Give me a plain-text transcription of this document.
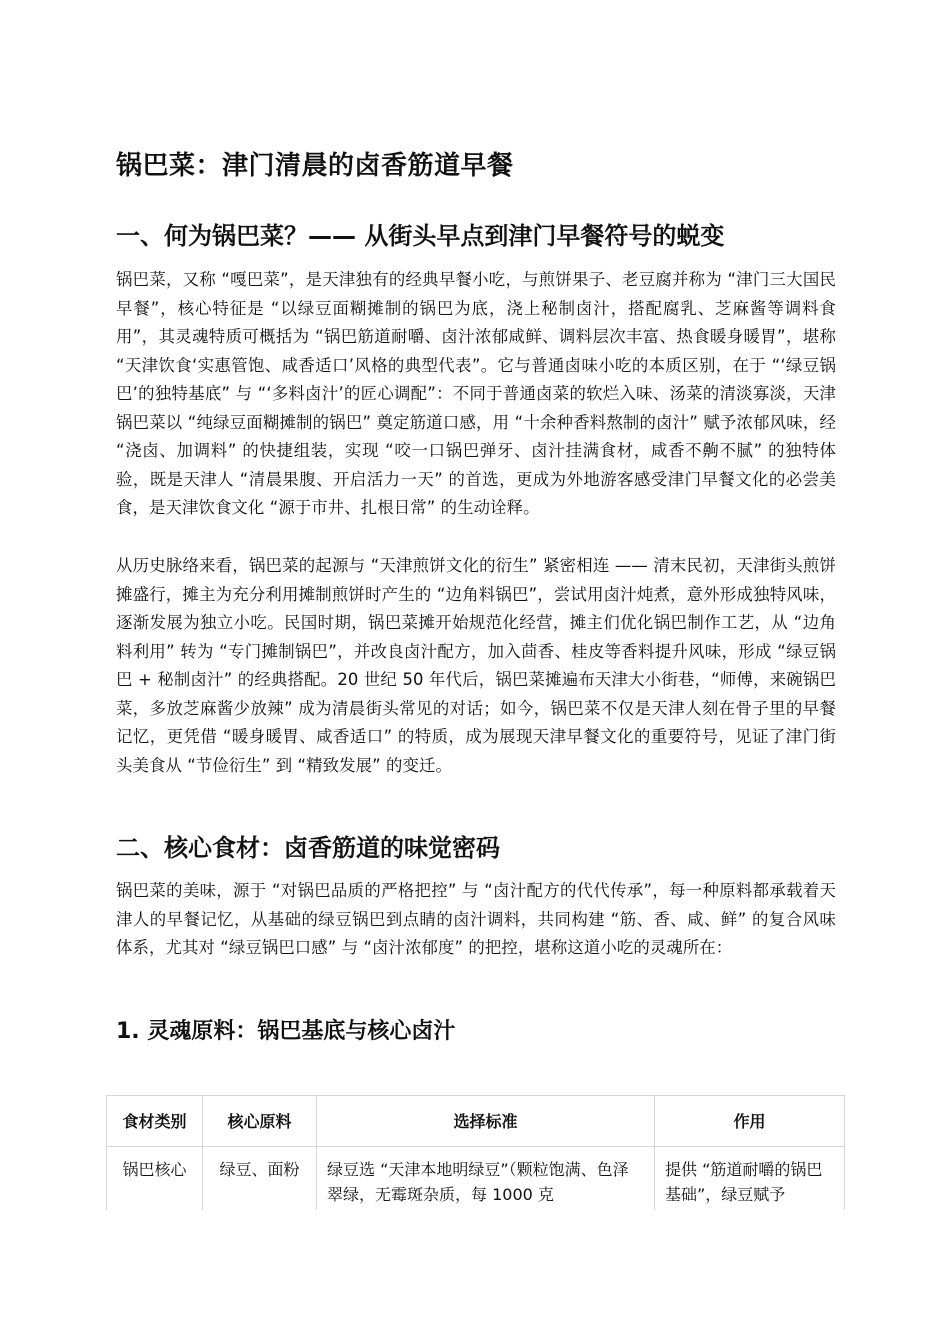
锅巴菜：津门清晨的卤香筋道早餐
一、何为锅巴菜？—— 从街头早点到津门早餐符号的蜕变

锅巴菜，又称 “嘎巴菜”，是天津独有的经典早餐小吃，与煎饼果子、老豆腐并称为 “津门三大国民早餐”，核心特征是 “以绿豆面糊摊制的锅巴为底，浇上秘制卤汁，搭配腐乳、芝麻酱等调料食用”，其灵魂特质可概括为 “锅巴筋道耐嚼、卤汁浓郁咸鲜、调料层次丰富、热食暖身暖胃”，堪称 “天津饮食‘实惠管饱、咸香适口’风格的典型代表”。它与普通卤味小吃的本质区别，在于 “‘绿豆锅巴’的独特基底” 与 “‘多料卤汁’的匠心调配”：不同于普通卤菜的软烂入味、汤菜的清淡寡淡，天津锅巴菜以 “纯绿豆面糊摊制的锅巴” 奠定筋道口感，用 “十余种香料熬制的卤汁” 赋予浓郁风味，经 “浇卤、加调料” 的快捷组装，实现 “咬一口锅巴弹牙、卤汁挂满食材，咸香不齁不腻” 的独特体验，既是天津人 “清晨果腹、开启活力一天” 的首选，更成为外地游客感受津门早餐文化的必尝美食，是天津饮食文化 “源于市井、扎根日常” 的生动诠释。

从历史脉络来看，锅巴菜的起源与 “天津煎饼文化的衍生” 紧密相连 —— 清末民初，天津街头煎饼摊盛行，摊主为充分利用摊制煎饼时产生的 “边角料锅巴”，尝试用卤汁炖煮，意外形成独特风味，逐渐发展为独立小吃。民国时期，锅巴菜摊开始规范化经营，摊主们优化锅巴制作工艺，从 “边角料利用” 转为 “专门摊制锅巴”，并改良卤汁配方，加入茴香、桂皮等香料提升风味，形成 “绿豆锅巴 + 秘制卤汁” 的经典搭配。20 世纪 50 年代后，锅巴菜摊遍布天津大小街巷，“师傅，来碗锅巴菜，多放芝麻酱少放辣” 成为清晨街头常见的对话；如今，锅巴菜不仅是天津人刻在骨子里的早餐记忆，更凭借 “暖身暖胃、咸香适口” 的特质，成为展现天津早餐文化的重要符号，见证了津门街头美食从 “节俭衍生” 到 “精致发展” 的变迁。

二、核心食材：卤香筋道的味觉密码

锅巴菜的美味，源于 “对锅巴品质的严格把控” 与 “卤汁配方的代代传承”，每一种原料都承载着天津人的早餐记忆，从基础的绿豆锅巴到点睛的卤汁调料，共同构建 “筋、香、咸、鲜” 的复合风味体系，尤其对 “绿豆锅巴口感” 与 “卤汁浓郁度” 的把控，堪称这道小吃的灵魂所在：

1. 灵魂原料：锅巴基底与核心卤汁
食材类别	核心原料	选择标准	作用
锅巴核心	绿豆、面粉	绿豆选 “天津本地明绿豆”（颗粒饱满、色泽翠绿，无霉斑杂质，每 1000 克	提供 “筋道耐嚼的锅巴基础”，绿豆赋予
